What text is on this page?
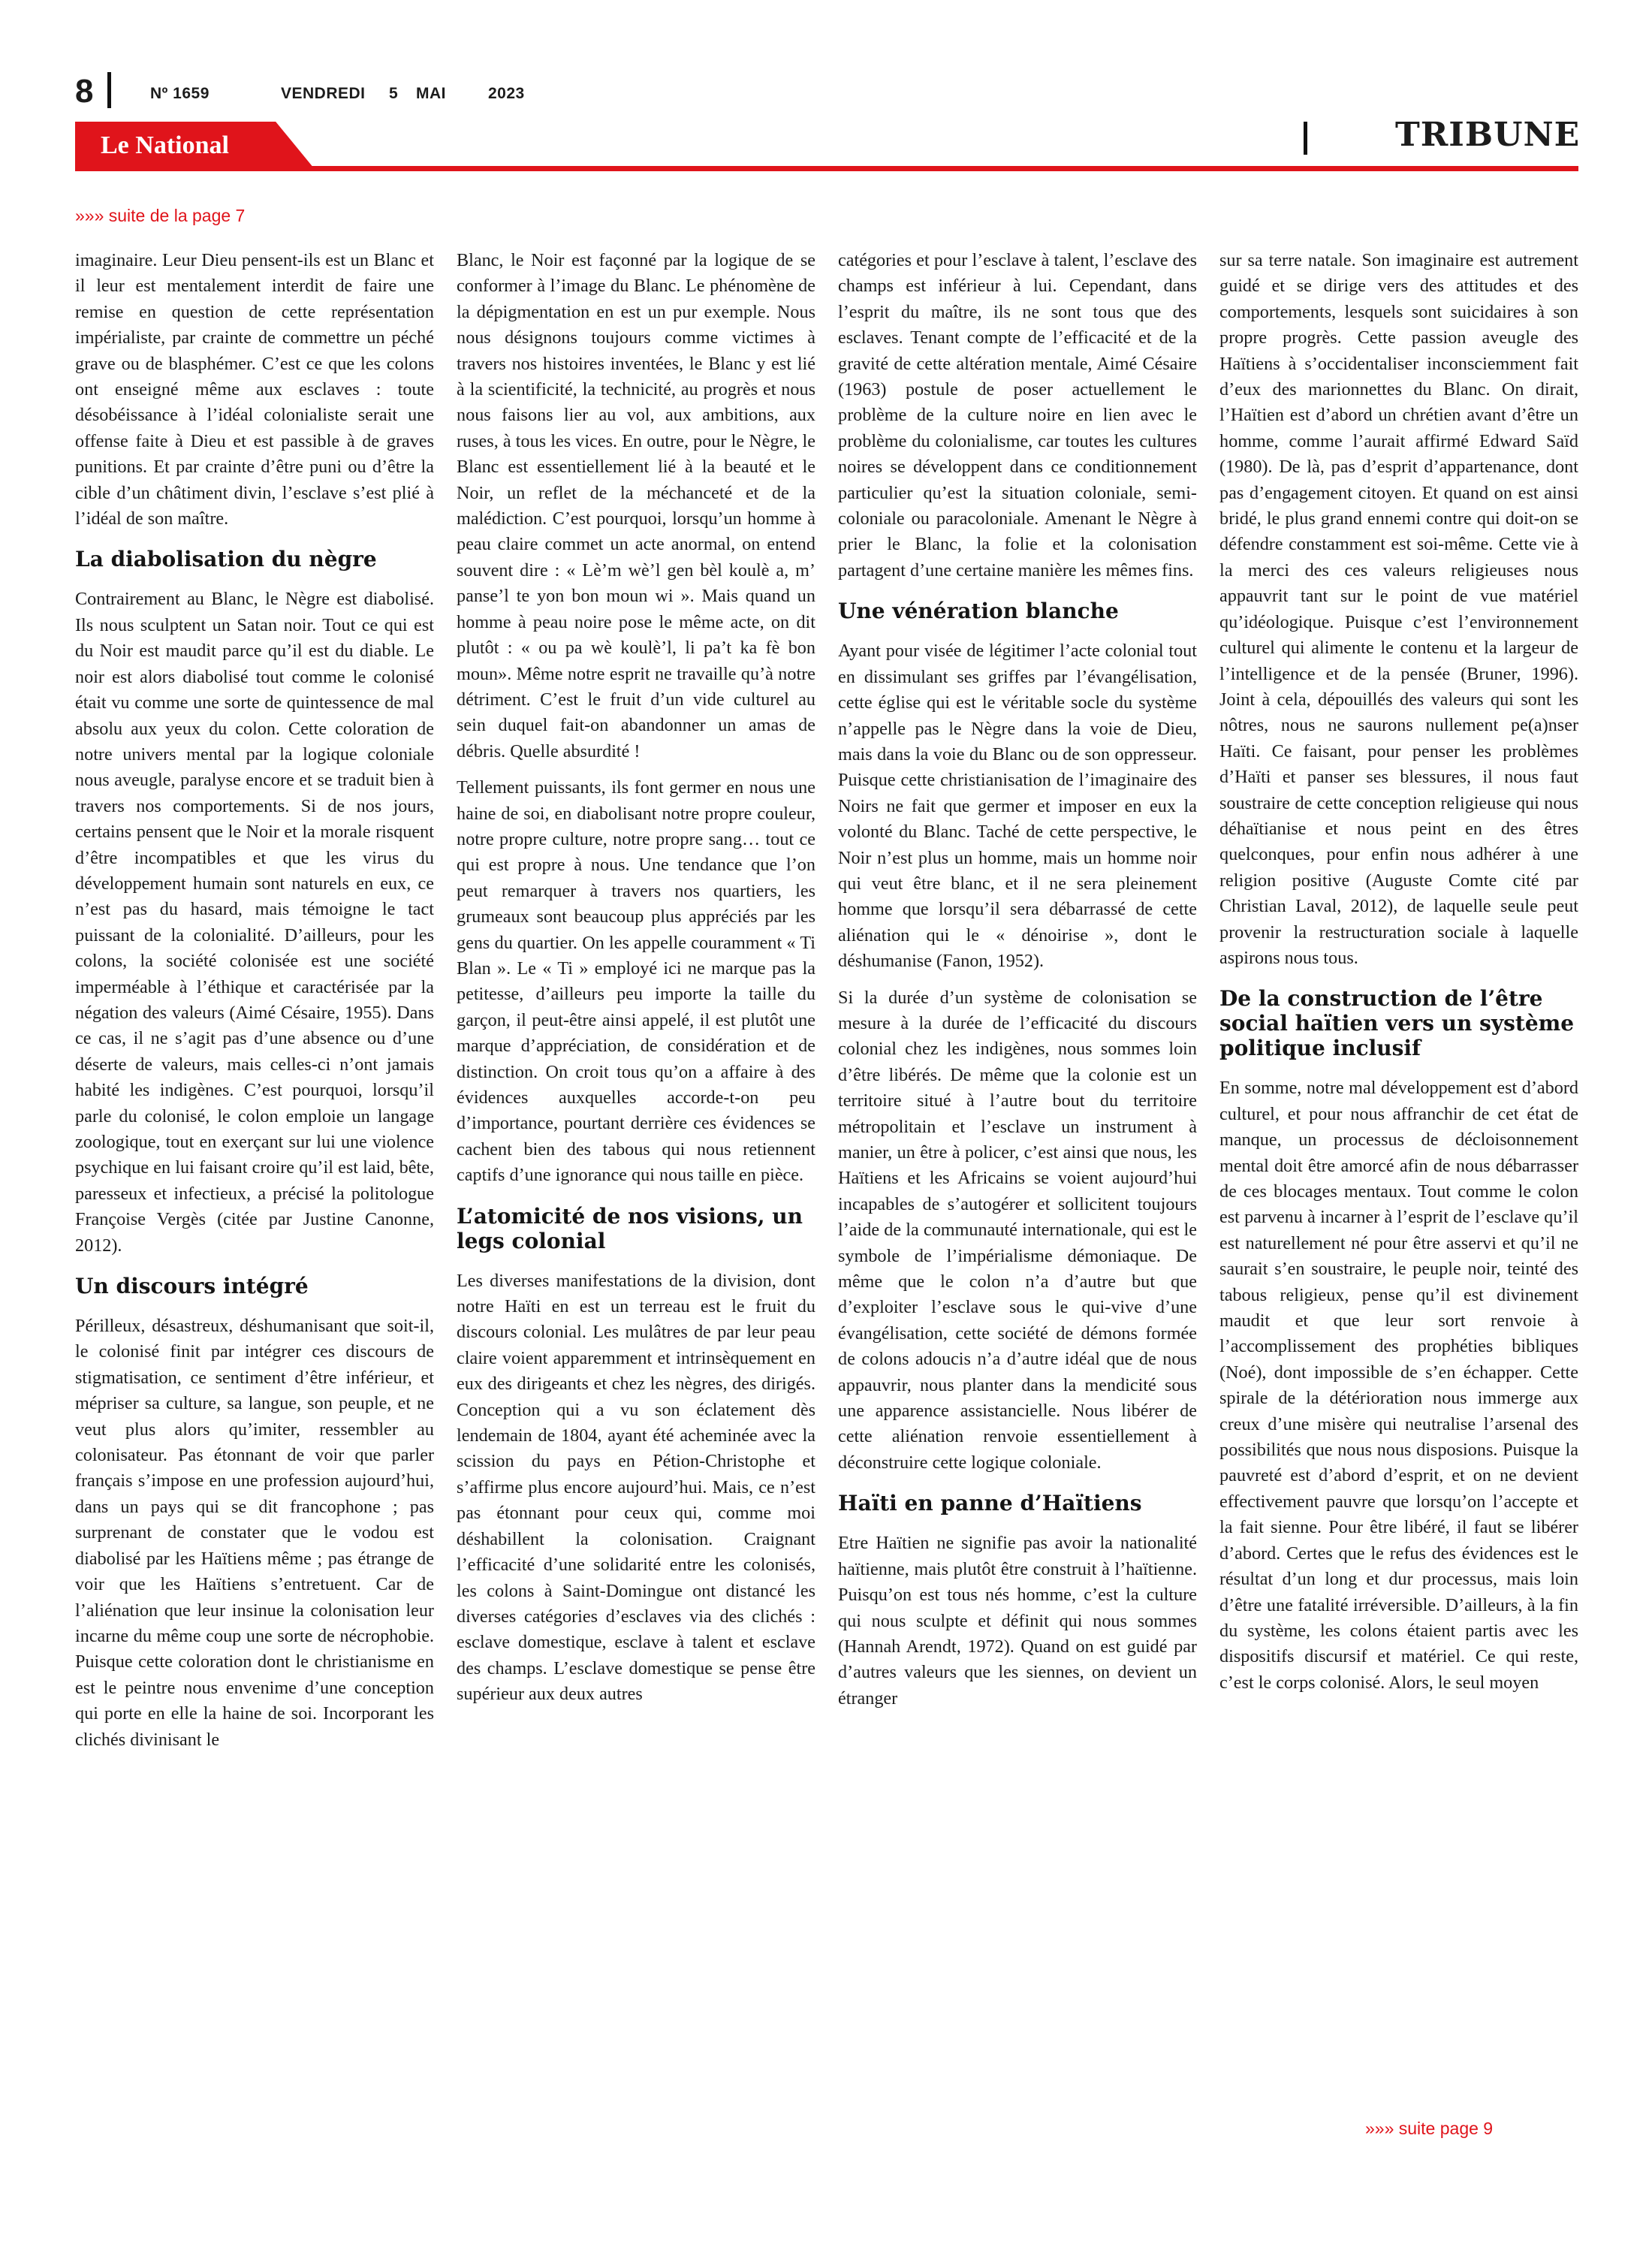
8	Nº 1659	VENDREDI 5 MAI	2023
Le National	TRIBUNE
»»» suite de la page 7

imaginaire. Leur Dieu pensent-ils est un Blanc et il leur est mentalement interdit de faire une remise en question de cette représentation impérialiste, par crainte de commettre un péché grave ou de blasphémer. C’est ce que les colons ont enseigné même aux esclaves : toute désobéissance à l’idéal colonialiste serait une offense faite à Dieu et est passible à de graves punitions. Et par crainte d’être puni ou d’être la cible d’un châtiment divin, l’esclave s’est plié à l’idéal de son maître.

La diabolisation du nègre

Contrairement au Blanc, le Nègre est diabolisé. Ils nous sculptent un Satan noir. Tout ce qui est du Noir est maudit parce qu’il est du diable. Le noir est alors diabolisé tout comme le colonisé était vu comme une sorte de quintessence de mal absolu aux yeux du colon. Cette coloration de notre univers mental par la logique coloniale nous aveugle, paralyse encore et se traduit bien à travers nos comportements. Si de nos jours, certains pensent que le Noir et la morale risquent d’être incompatibles et que les virus du développement humain sont naturels en eux, ce n’est pas du hasard, mais témoigne le tact puissant de la colonialité. D’ailleurs, pour les colons, la société colonisée est une société imperméable à l’éthique et caractérisée par la négation des valeurs (Aimé Césaire, 1955). Dans ce cas, il ne s’agit pas d’une absence ou d’une déserte de valeurs, mais celles-ci n’ont jamais habité les indigènes. C’est pourquoi, lorsqu’il parle du colonisé, le colon emploie un langage zoologique, tout en exerçant sur lui une violence psychique en lui faisant croire qu’il est laid, bête, paresseux et infectieux, a précisé la politologue Françoise Vergès (citée par Justine Canonne, 2012).

Un discours intégré

Périlleux, désastreux, déshumanisant que soit-il, le colonisé finit par intégrer ces discours de stigmatisation, ce sentiment d’être inférieur, et mépriser sa culture, sa langue, son peuple, et ne veut plus alors qu’imiter, ressembler au colonisateur. Pas étonnant de voir que parler français s’impose en une profession aujourd’hui, dans un pays qui se dit francophone ; pas surprenant de constater que le vodou est diabolisé par les Haïtiens même ; pas étrange de voir que les Haïtiens s’entretuent. Car de l’aliénation que leur insinue la colonisation leur incarne du même coup une sorte de nécrophobie. Puisque cette coloration dont le christianisme en est le peintre nous envenime d’une conception qui porte en elle la haine de soi. Incorporant les clichés divinisant le

Blanc, le Noir est façonné par la logique de se conformer à l’image du Blanc. Le phénomène de la dépigmentation en est un pur exemple. Nous nous désignons toujours comme victimes à travers nos histoires inventées, le Blanc y est lié à la scientificité, la technicité, au progrès et nous nous faisons lier au vol, aux ambitions, aux ruses, à tous les vices. En outre, pour le Nègre, le Blanc est essentiellement lié à la beauté et le Noir, un reflet de la méchanceté et de la malédiction. C’est pourquoi, lorsqu’un homme à peau claire commet un acte anormal, on entend souvent dire : « Lè’m wè’l gen bèl koulè a, m’ panse’l te yon bon moun wi ». Mais quand un homme à peau noire pose le même acte, on dit plutôt : « ou pa wè koulè’l, li pa’t ka fè bon moun». Même notre esprit ne travaille qu’à notre détriment. C’est le fruit d’un vide culturel au sein duquel fait-on abandonner un amas de débris. Quelle absurdité !

Tellement puissants, ils font germer en nous une haine de soi, en diabolisant notre propre couleur, notre propre culture, notre propre sang… tout ce qui est propre à nous. Une tendance que l’on peut remarquer à travers nos quartiers, les grumeaux sont beaucoup plus appréciés par les gens du quartier. On les appelle couramment « Ti Blan ». Le « Ti » employé ici ne marque pas la petitesse, d’ailleurs peu importe la taille du garçon, il peut-être ainsi appelé, il est plutôt une marque d’appréciation, de considération et de distinction. On croit tous qu’on a affaire à des évidences auxquelles accorde-t-on peu d’importance, pourtant derrière ces évidences se cachent bien des tabous qui nous retiennent captifs d’une ignorance qui nous taille en pièce.

L’atomicité de nos visions, un legs colonial

Les diverses manifestations de la division, dont notre Haïti en est un terreau est le fruit du discours colonial. Les mulâtres de par leur peau claire voient apparemment et intrinsèquement en eux des dirigeants et chez les nègres, des dirigés. Conception qui a vu son éclatement dès lendemain de 1804, ayant été acheminée avec la scission du pays en Pétion-Christophe et s’affirme plus encore aujourd’hui. Mais, ce n’est pas étonnant pour ceux qui, comme moi déshabillent la colonisation. Craignant l’efficacité d’une solidarité entre les colonisés, les colons à Saint-Domingue ont distancé les diverses catégories d’esclaves via des clichés : esclave domestique, esclave à talent et esclave des champs. L’esclave domestique se pense être supérieur aux deux autres

catégories et pour l’esclave à talent, l’esclave des champs est inférieur à lui. Cependant, dans l’esprit du maître, ils ne sont tous que des esclaves. Tenant compte de l’efficacité et de la gravité de cette altération mentale, Aimé Césaire (1963) postule de poser actuellement le problème de la culture noire en lien avec le problème du colonialisme, car toutes les cultures noires se développent dans ce conditionnement particulier qu’est la situation coloniale, semi-coloniale ou paracoloniale. Amenant le Nègre à prier le Blanc, la folie et la colonisation partagent d’une certaine manière les mêmes fins.

Une vénération blanche

Ayant pour visée de légitimer l’acte colonial tout en dissimulant ses griffes par l’évangélisation, cette église qui est le véritable socle du système n’appelle pas le Nègre dans la voie de Dieu, mais dans la voie du Blanc ou de son oppresseur. Puisque cette christianisation de l’imaginaire des Noirs ne fait que germer et imposer en eux la volonté du Blanc. Taché de cette perspective, le Noir n’est plus un homme, mais un homme noir qui veut être blanc, et il ne sera pleinement homme que lorsqu’il sera débarrassé de cette aliénation qui le « dénoirise », dont le déshumanise (Fanon, 1952).

Si la durée d’un système de colonisation se mesure à la durée de l’efficacité du discours colonial chez les indigènes, nous sommes loin d’être libérés. De même que la colonie est un territoire situé à l’autre bout du territoire métropolitain et l’esclave un instrument à manier, un être à policer, c’est ainsi que nous, les Haïtiens et les Africains se voient aujourd’hui incapables de s’autogérer et sollicitent toujours l’aide de la communauté internationale, qui est le symbole de l’impérialisme démoniaque. De même que le colon n’a d’autre but que d’exploiter l’esclave sous le qui-vive d’une évangélisation, cette société de démons formée de colons adoucis n’a d’autre idéal que de nous appauvrir, nous planter dans la mendicité sous une apparence assistancielle. Nous libérer de cette aliénation renvoie essentiellement à déconstruire cette logique coloniale.

Haïti en panne d’Haïtiens

Etre Haïtien ne signifie pas avoir la nationalité haïtienne, mais plutôt être construit à l’haïtienne. Puisqu’on est tous nés homme, c’est la culture qui nous sculpte et définit qui nous sommes (Hannah Arendt, 1972). Quand on est guidé par d’autres valeurs que les siennes, on devient un étranger

sur sa terre natale. Son imaginaire est autrement guidé et se dirige vers des attitudes et des comportements, lesquels sont suicidaires à son propre progrès. Cette passion aveugle des Haïtiens à s’occidentaliser inconsciemment fait d’eux des marionnettes du Blanc. On dirait, l’Haïtien est d’abord un chrétien avant d’être un homme, comme l’aurait affirmé Edward Saïd (1980). De là, pas d’esprit d’appartenance, dont pas d’engagement citoyen. Et quand on est ainsi bridé, le plus grand ennemi contre qui doit-on se défendre constamment est soi-même. Cette vie à la merci des ces valeurs religieuses nous appauvrit tant sur le point de vue matériel qu’idéologique. Puisque c’est l’environnement culturel qui alimente le contenu et la largeur de l’intelligence et de la pensée (Bruner, 1996). Joint à cela, dépouillés des valeurs qui sont les nôtres, nous ne saurons nullement pe(a)nser Haïti. Ce faisant, pour penser les problèmes d’Haïti et panser ses blessures, il nous faut soustraire de cette conception religieuse qui nous déhaïtianise et nous peint en des êtres quelconques, pour enfin nous adhérer à une religion positive (Auguste Comte cité par Christian Laval, 2012), de laquelle seule peut provenir la restructuration sociale à laquelle aspirons nous tous.

De la construction de l’être social haïtien vers un système politique inclusif

En somme, notre mal développement est d’abord culturel, et pour nous affranchir de cet état de manque, un processus de décloisonnement mental doit être amorcé afin de nous débarrasser de ces blocages mentaux. Tout comme le colon est parvenu à incarner à l’esprit de l’esclave qu’il est naturellement né pour être asservi et qu’il ne saurait s’en soustraire, le peuple noir, teinté des tabous religieux, pense qu’il est divinement maudit et que leur sort renvoie à l’accomplissement des prophéties bibliques (Noé), dont impossible de s’en échapper. Cette spirale de la détérioration nous immerge aux creux d’une misère qui neutralise l’arsenal des possibilités que nous nous disposions. Puisque la pauvreté est d’abord d’esprit, et on ne devient effectivement pauvre que lorsqu’on l’accepte et la fait sienne. Pour être libéré, il faut se libérer d’abord. Certes que le refus des évidences est le résultat d’un long et dur processus, mais loin d’être une fatalité irréversible. D’ailleurs, à la fin du système, les colons étaient partis avec les dispositifs discursif et matériel. Ce qui reste, c’est le corps colonisé. Alors, le seul moyen

»»» suite page 9
